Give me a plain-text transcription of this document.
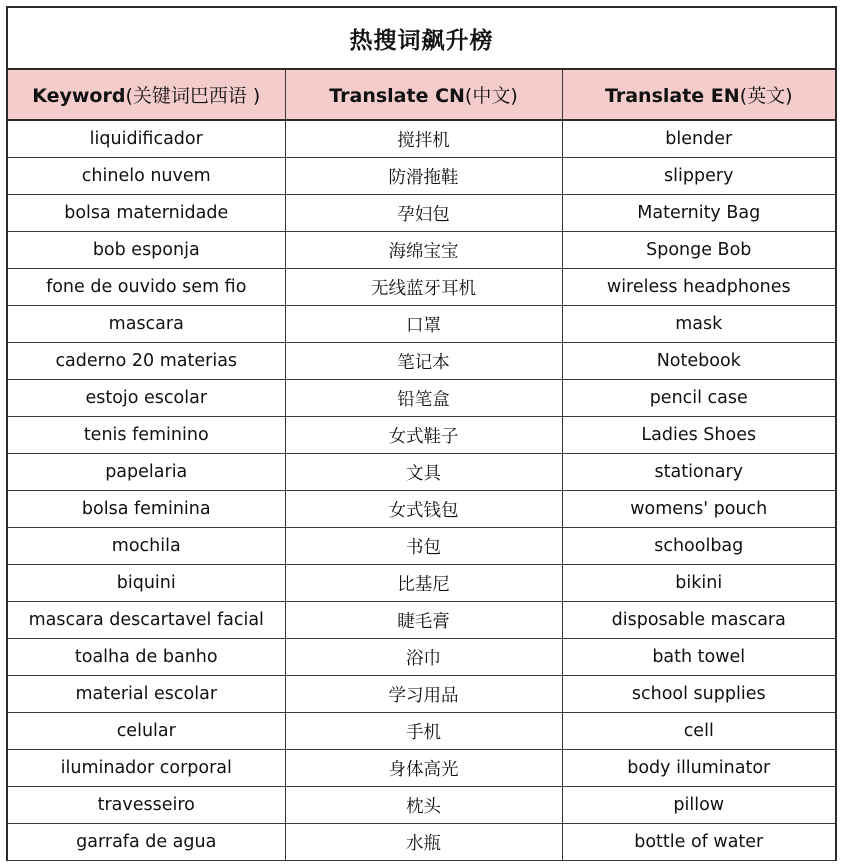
热搜词飙升榜
Keyword(关键词巴西语 )	Translate CN(中文)	Translate EN(英文)
liquidificador	搅拌机	blender
chinelo nuvem	防滑拖鞋	slippery
bolsa maternidade	孕妇包	Maternity Bag
bob esponja	海绵宝宝	Sponge Bob
fone de ouvido sem fio	无线蓝牙耳机	wireless headphones
mascara	口罩	mask
caderno 20 materias	笔记本	Notebook
estojo escolar	铅笔盒	pencil case
tenis feminino	女式鞋子	Ladies Shoes
papelaria	文具	stationary
bolsa feminina	女式钱包	womens' pouch
mochila	书包	schoolbag
biquini	比基尼	bikini
mascara descartavel facial	睫毛膏	disposable mascara
toalha de banho	浴巾	bath towel
material escolar	学习用品	school supplies
celular	手机	cell
iluminador corporal	身体高光	body illuminator
travesseiro	枕头	pillow
garrafa de agua	水瓶	bottle of water
